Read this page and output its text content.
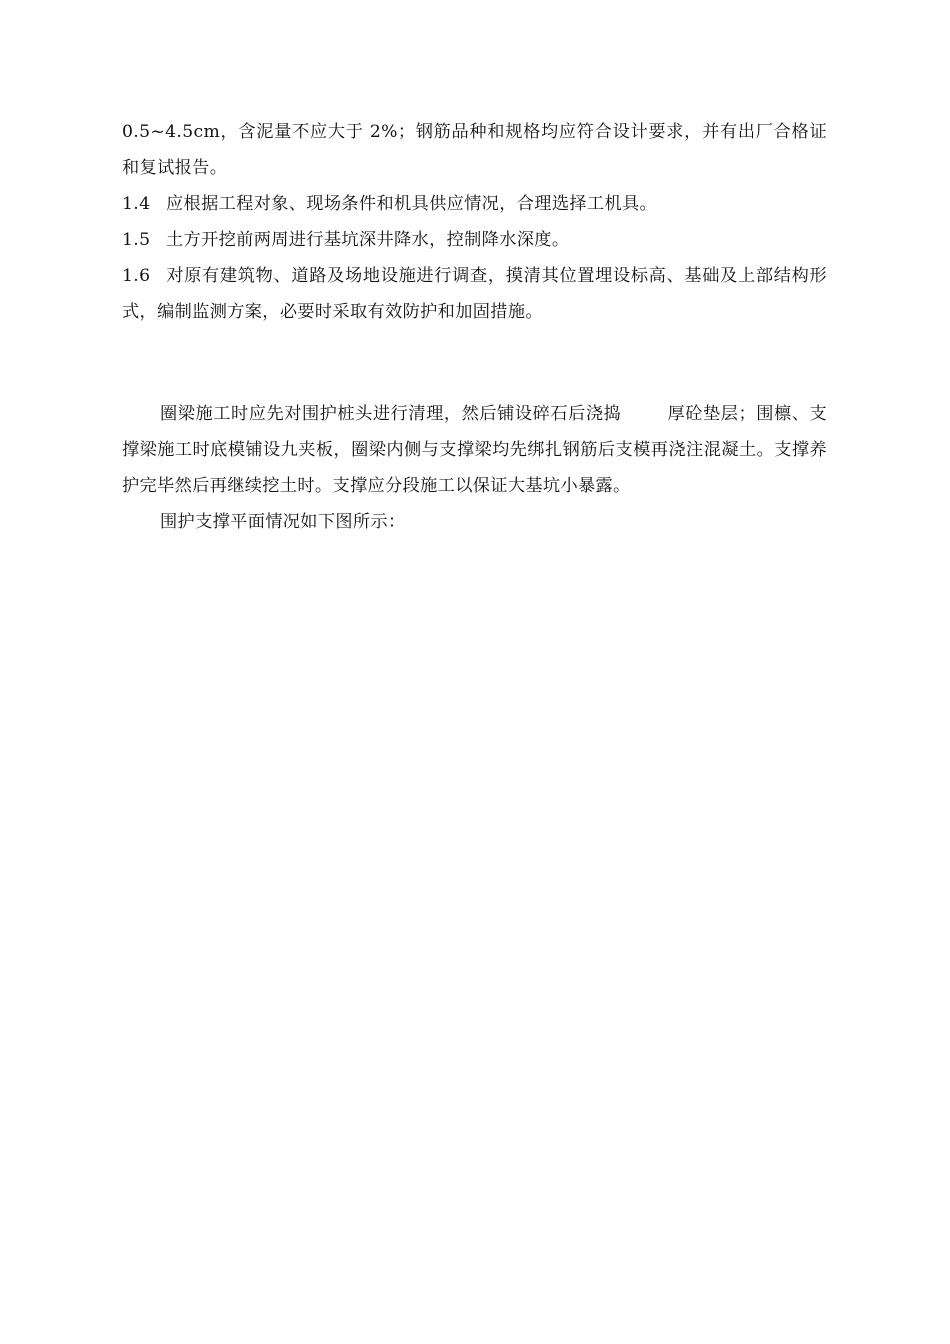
0.5~4.5cm，含泥量不应大于 2%；钢筋品种和规格均应符合设计要求，并有出厂合格证和复试报告。

1.4 应根据工程对象、现场条件和机具供应情况，合理选择工机具。

1.5 土方开挖前两周进行基坑深井降水，控制降水深度。

1.6 对原有建筑物、道路及场地设施进行调查，摸清其位置埋设标高、基础及上部结构形式，编制监测方案，必要时采取有效防护和加固措施。

圈梁施工时应先对围护桩头进行清理，然后铺设碎石后浇捣	厚砼垫层；围檩、支撑梁施工时底模铺设九夹板，圈梁内侧与支撑梁均先绑扎钢筋后支模再浇注混凝土。支撑养护完毕然后再继续挖土时。支撑应分段施工以保证大基坑小暴露。

围护支撑平面情况如下图所示：
